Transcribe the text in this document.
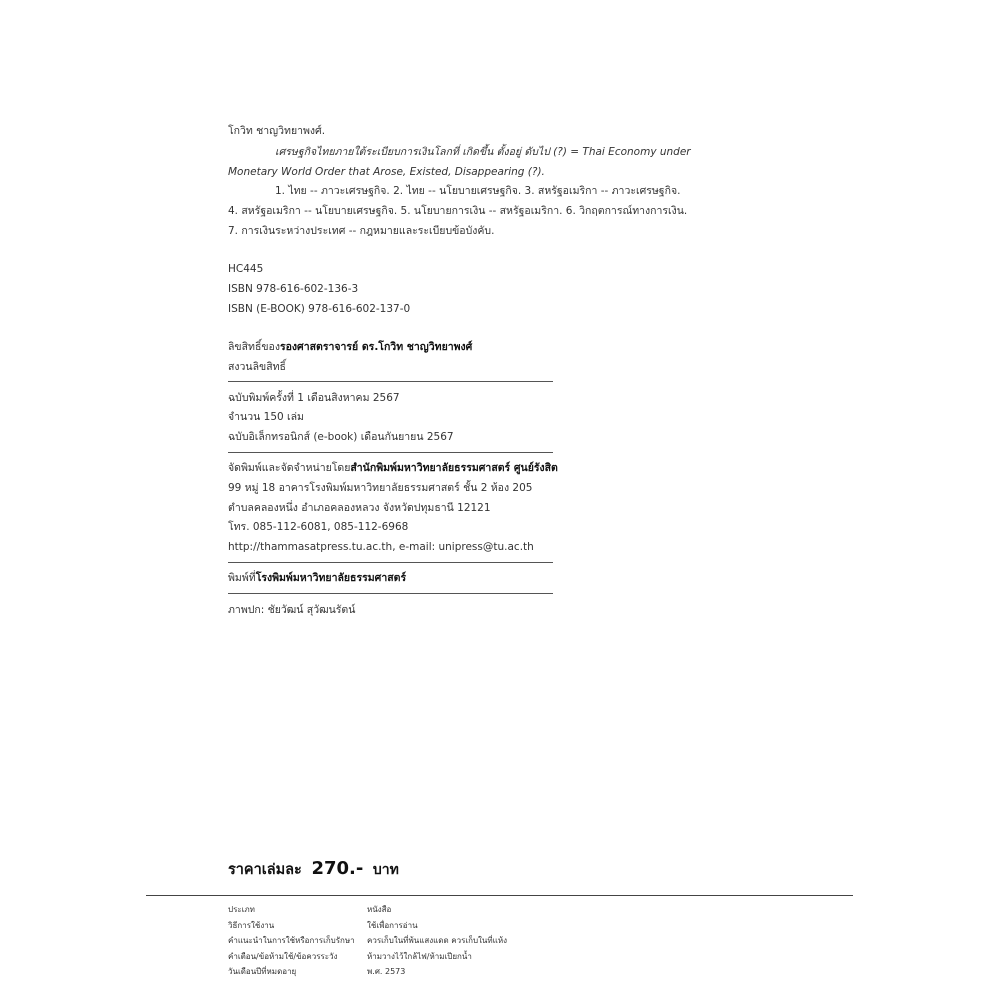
โกวิท ชาญวิทยาพงศ์.
เศรษฐกิจไทยภายใต้ระเบียบการเงินโลกที่ เกิดขึ้น ตั้งอยู่ ดับไป (?) = Thai Economy under
Monetary World Order that Arose, Existed, Disappearing (?).
1. ไทย -- ภาวะเศรษฐกิจ. 2. ไทย -- นโยบายเศรษฐกิจ. 3. สหรัฐอเมริกา -- ภาวะเศรษฐกิจ.
4. สหรัฐอเมริกา -- นโยบายเศรษฐกิจ. 5. นโยบายการเงิน -- สหรัฐอเมริกา. 6. วิกฤตการณ์ทางการเงิน.
7. การเงินระหว่างประเทศ -- กฎหมายและระเบียบข้อบังคับ.
HC445
ISBN 978-616-602-136-3
ISBN (E-BOOK) 978-616-602-137-0
ลิขสิทธิ์ของรองศาสตราจารย์ ดร.โกวิท ชาญวิทยาพงศ์
สงวนลิขสิทธิ์
ฉบับพิมพ์ครั้งที่ 1 เดือนสิงหาคม 2567
จำนวน 150 เล่ม
ฉบับอิเล็กทรอนิกส์ (e-book) เดือนกันยายน 2567
จัดพิมพ์และจัดจำหน่ายโดยสำนักพิมพ์มหาวิทยาลัยธรรมศาสตร์ ศูนย์รังสิต
99 หมู่ 18 อาคารโรงพิมพ์มหาวิทยาลัยธรรมศาสตร์ ชั้น 2 ห้อง 205
ตำบลคลองหนึ่ง อำเภอคลองหลวง จังหวัดปทุมธานี 12121
โทร. 085-112-6081, 085-112-6968
http://thammasatpress.tu.ac.th, e-mail: unipress@tu.ac.th
พิมพ์ที่โรงพิมพ์มหาวิทยาลัยธรรมศาสตร์
ภาพปก: ชัยวัฒน์ สุวัฒนรัตน์
ราคาเล่มละ 270.- บาท
ประเภท
วิธีการใช้งาน
คำแนะนำในการใช้หรือการเก็บรักษา
คำเตือน/ข้อห้ามใช้/ข้อควรระวัง
วันเดือนปีที่หมดอายุ
หนังสือ
ใช้เพื่อการอ่าน
ควรเก็บในที่พ้นแสงแดด ควรเก็บในที่แห้ง
ห้ามวางไว้ใกล้ไฟ/ห้ามเปียกน้ำ
พ.ศ. 2573
